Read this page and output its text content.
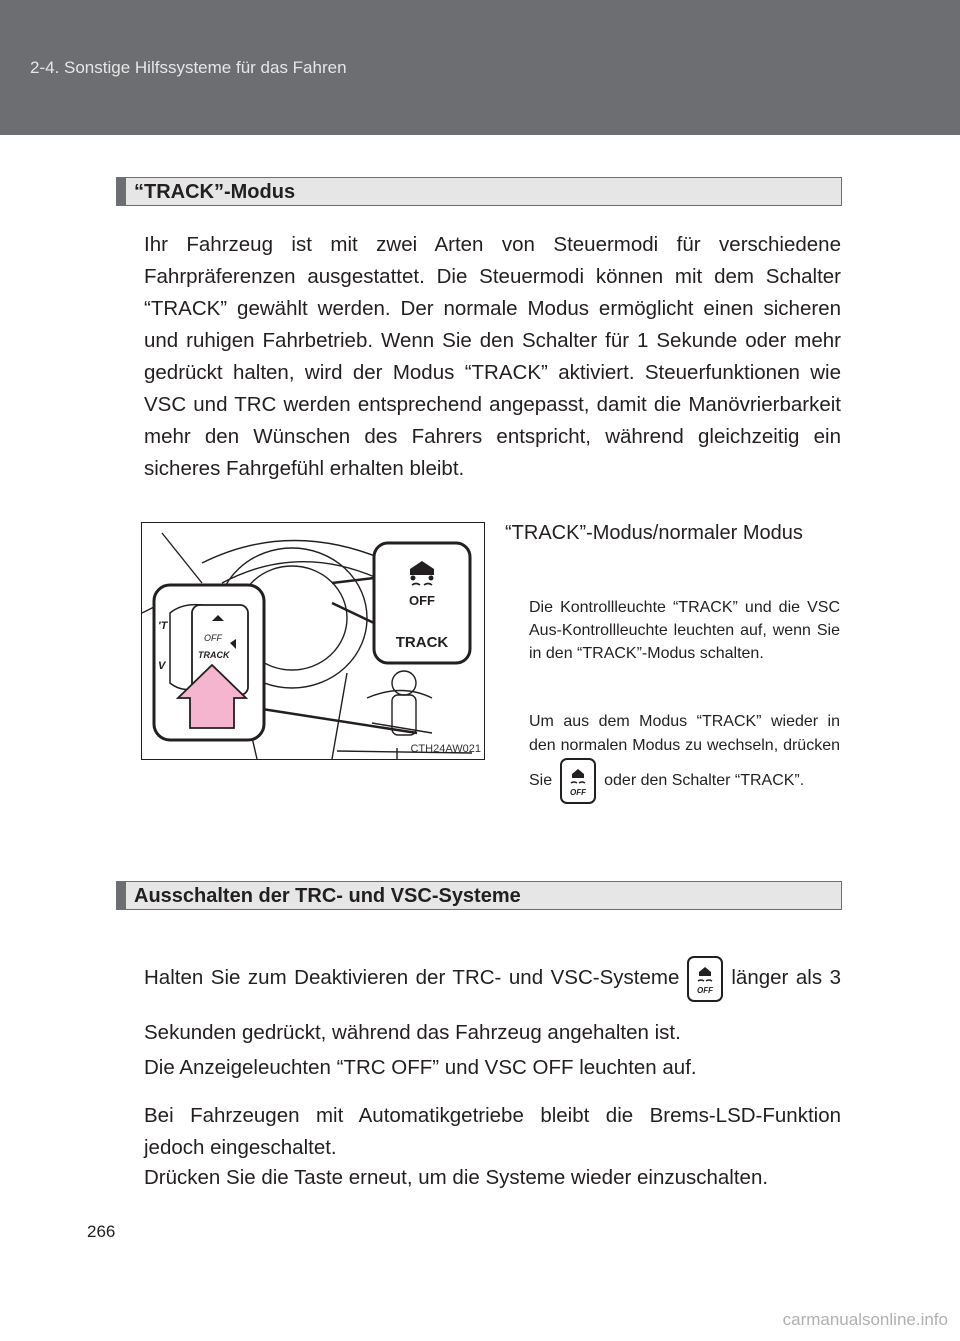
2-4. Sonstige Hilfssysteme für das Fahren
“TRACK”-Modus

Ihr Fahrzeug ist mit zwei Arten von Steuermodi für verschiedene Fahrpräferenzen ausgestattet. Die Steuermodi können mit dem Schalter “TRACK” gewählt werden. Der normale Modus ermöglicht einen sicheren und ruhigen Fahrbetrieb. Wenn Sie den Schalter für 1 Sekunde oder mehr gedrückt halten, wird der Modus “TRACK” aktiviert. Steuerfunktionen wie VSC und TRC werden entsprechend angepasst, damit die Manövrierbarkeit mehr den Wünschen des Fahrers entspricht, während gleichzeitig ein sicheres Fahrgefühl erhalten bleibt.

OFF
TRACK
'T
V
OFF
TRACK
CTH24AW021

“TRACK”-Modus/normaler Modus

Die Kontrollleuchte “TRACK” und die VSC Aus-Kontrollleuchte leuchten auf, wenn Sie in den “TRACK”-Modus schalten.

Um aus dem Modus “TRACK” wieder in den normalen Modus zu wechseln, drücken Sie
OFF
oder den Schalter “TRACK”.

Ausschalten der TRC- und VSC-Systeme

Halten Sie zum Deaktivieren der TRC- und VSC-Systeme
OFF
länger als 3 Sekunden gedrückt, während das Fahrzeug angehalten ist.

Die Anzeigeleuchten “TRC OFF” und VSC OFF leuchten auf.

Bei Fahrzeugen mit Automatikgetriebe bleibt die Brems-LSD-Funktion jedoch eingeschaltet.

Drücken Sie die Taste erneut, um die Systeme wieder einzuschalten.

266
carmanualsonline.info
